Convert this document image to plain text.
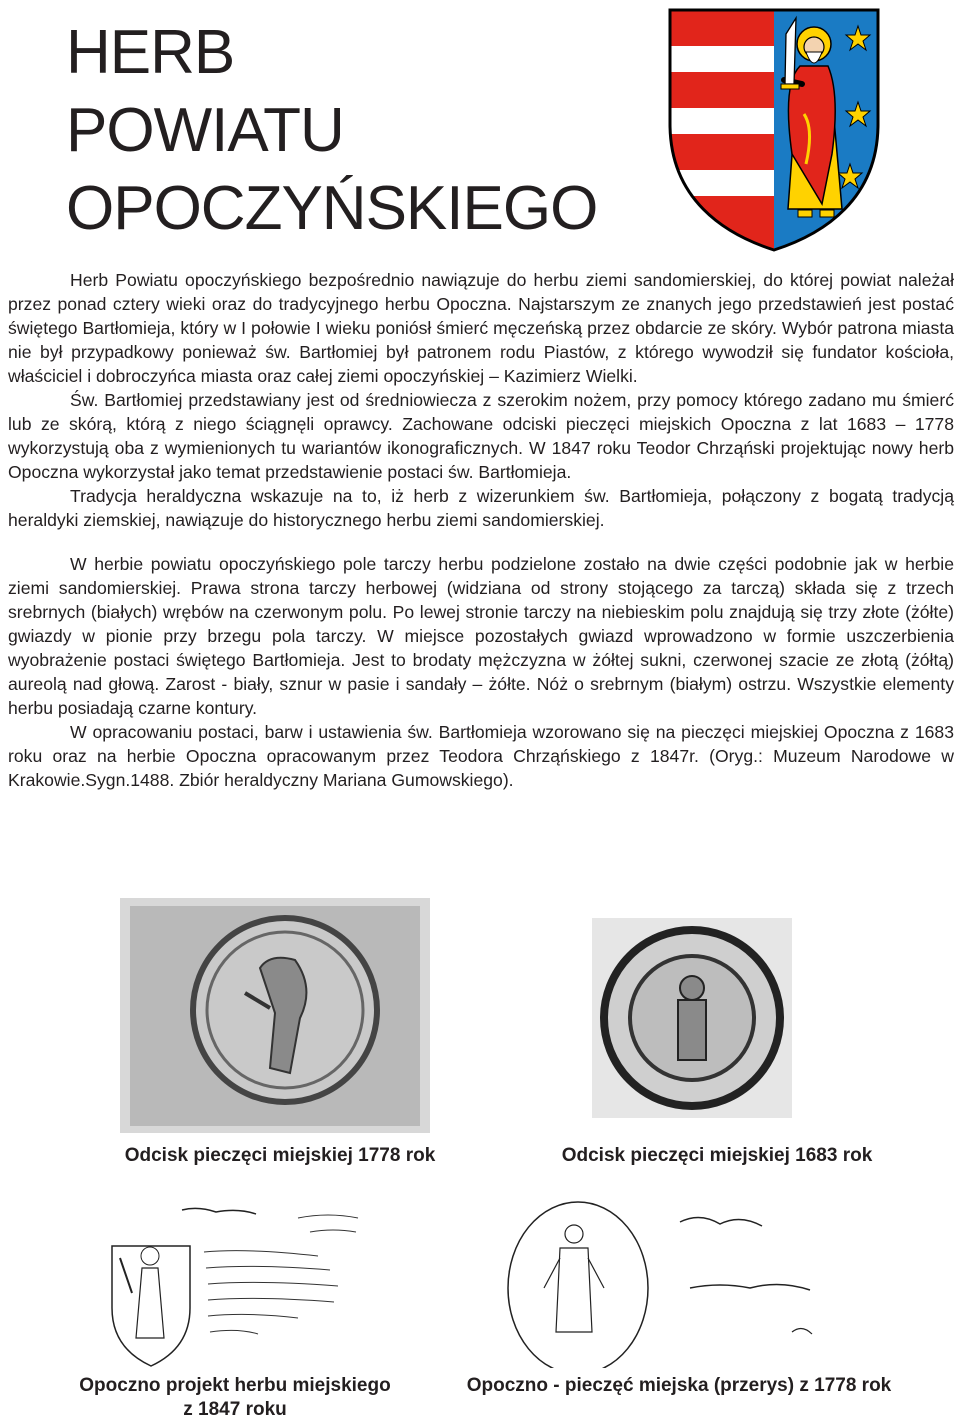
HERB
POWIATU
OPOCZYŃSKIEGO

Herb Powiatu opoczyńskiego bezpośrednio nawiązuje do herbu ziemi sandomierskiej, do której powiat należał przez ponad cztery wieki oraz do tradycyjnego herbu Opoczna. Najstarszym ze znanych jego przedstawień jest postać świętego Bartłomieja, który w I połowie I wieku poniósł śmierć męczeńską przez obdarcie ze skóry. Wybór patrona miasta nie był przypadkowy ponieważ św. Bartłomiej był patronem rodu Piastów, z którego wywodził się fundator kościoła, właściciel i dobroczyńca miasta oraz całej ziemi opoczyńskiej – Kazimierz Wielki.

Św. Bartłomiej przedstawiany jest od średniowiecza z szerokim nożem, przy pomocy którego zadano mu śmierć lub ze skórą, którą z niego ściągnęli oprawcy. Zachowane odciski pieczęci miejskich Opoczna z lat 1683 – 1778 wykorzystują oba z wymienionych tu wariantów ikonograficznych. W 1847 roku Teodor Chrząński projektując nowy herb Opoczna wykorzystał jako temat przedstawienie postaci św. Bartłomieja.

Tradycja heraldyczna wskazuje na to, iż herb z wizerunkiem św. Bartłomieja, połączony z bogatą tradycją heraldyki ziemskiej, nawiązuje do historycznego herbu ziemi sandomierskiej.

W herbie powiatu opoczyńskiego pole tarczy herbu podzielone zostało na dwie części podobnie jak w herbie ziemi sandomierskiej. Prawa strona tarczy herbowej (widziana od strony stojącego za tarczą) składa się z trzech srebrnych (białych) wrębów na czerwonym polu. Po lewej stronie tarczy na niebieskim polu znajdują się trzy złote (żółte) gwiazdy w pionie przy brzegu pola tarczy. W miejsce pozostałych gwiazd wprowadzono w formie uszczerbienia wyobrażenie postaci świętego Bartłomieja. Jest to brodaty mężczyzna w żółtej sukni, czerwonej szacie ze złotą (żółtą) aureolą nad głową. Zarost - biały, sznur w pasie i sandały – żółte. Nóż o srebrnym (białym) ostrzu. Wszystkie elementy herbu posiadają czarne kontury.

W opracowaniu postaci, barw i ustawienia św. Bartłomieja wzorowano się na pieczęci miejskiej Opoczna z 1683 roku oraz na herbie Opoczna opracowanym przez Teodora Chrząńskiego z 1847r. (Oryg.: Muzeum Narodowe w Krakowie.Sygn.1488. Zbiór heraldyczny Mariana Gumowskiego).

Odcisk pieczęci miejskiej 1778 rok	Odcisk pieczęci miejskiej 1683 rok
Opoczno projekt herbu miejskiego
z 1847 roku
Opoczno - pieczęć miejska (przerys) z 1778 rok
